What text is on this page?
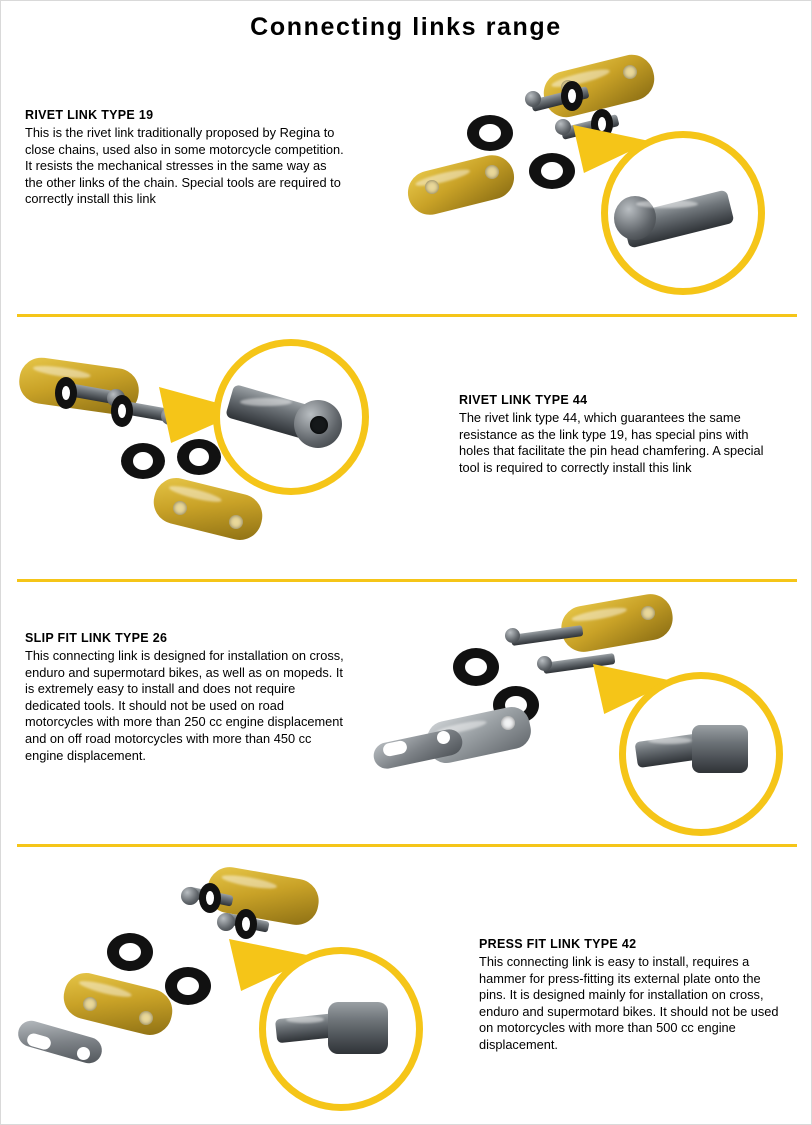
Connecting links range
RIVET LINK TYPE 19
This is the rivet link traditionally proposed by Regina to close chains, used also in some motorcycle competition. It resists the mechanical stresses in the same way as the other links of the chain. Special tools are required to correctly install this link
RIVET LINK TYPE 44
The rivet link type 44, which guarantees the same resistance as the link type 19, has special pins with holes that facilitate the pin head chamfering. A special tool is required to correctly install this link
SLIP FIT LINK TYPE 26
This connecting link is designed for installation on cross, enduro and supermotard bikes, as well as on mopeds. It is extremely easy to install and does not require dedicated tools. It should not be used on road motorcycles with more than 250 cc engine displacement and on off road motorcycles with more than 450 cc engine displacement.
PRESS FIT LINK TYPE 42
This connecting link is easy to install, requires a hammer for press-fitting its external plate onto the pins. It is designed mainly for installation on cross, enduro and supermotard bikes. It should not be used on motorcycles with more than 500 cc engine displacement.
